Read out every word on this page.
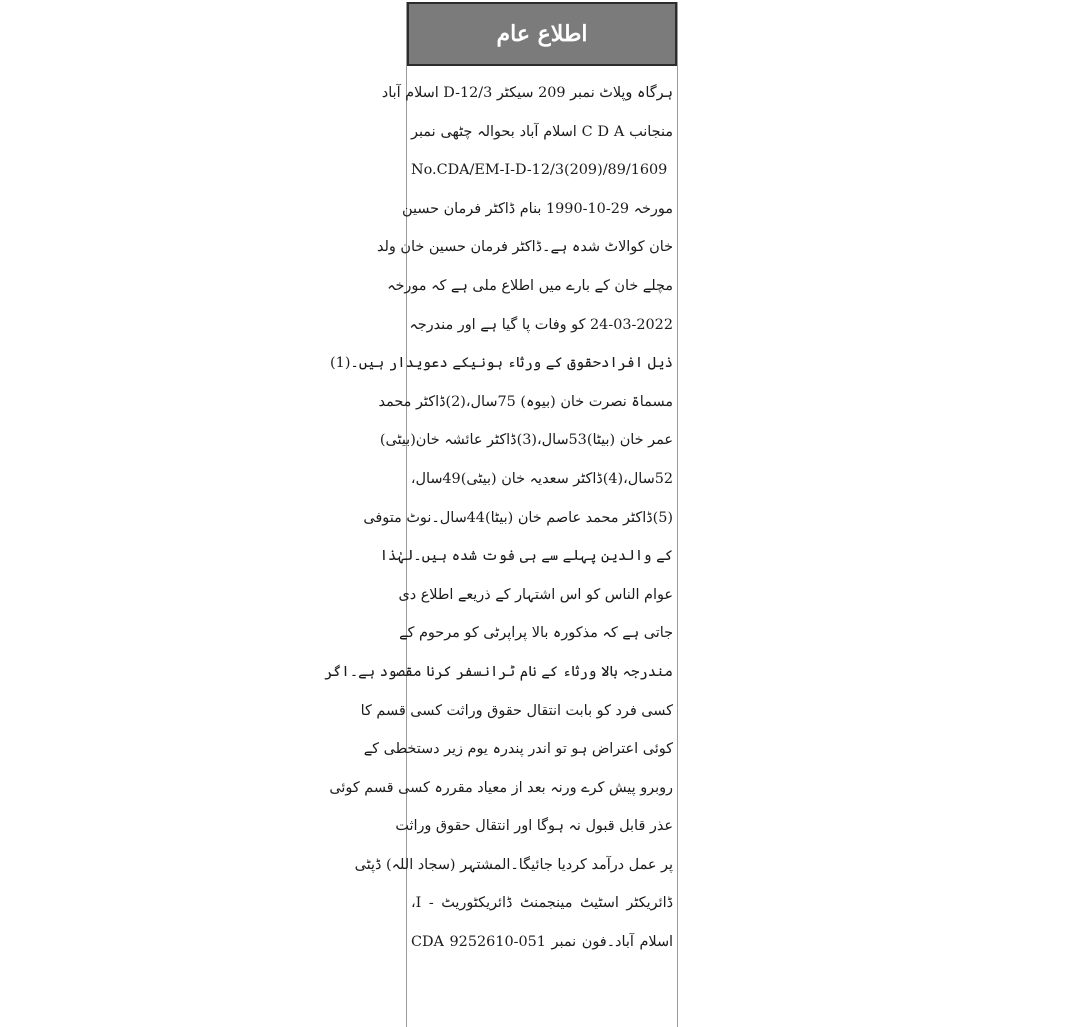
اطلاع عام
ہرگاہ وپلاٹ نمبر 209 سیکٹر D-12/3 اسلام آباد
منجانب C D A اسلام آباد بحوالہ چٹھی نمبر
No.CDA/EM-I-D-12/3(209)/89/1609
مورخہ 29-10-1990 بنام ڈاکٹر فرمان حسین
خان کوالاٹ شدہ ہے۔ڈاکٹر فرمان حسین خان ولد
مچلے خان کے بارے میں اطلاع ملی ہے کہ مورخہ
24-03-2022 کو وفات پا گیا ہے اور مندرجہ
ذیل افرادحقوق کے ورثاء ہونیکے دعویدار ہیں۔(1)
مسماۃ نصرت خان (بیوہ) 75سال،(2)ڈاکٹر محمد
عمر خان (بیٹا)53سال،(3)ڈاکٹر عائشہ خان(بیٹی)
52سال،(4)ڈاکٹر سعدیہ خان (بیٹی)49سال،
(5)ڈاکٹر محمد عاصم خان (بیٹا)44سال۔نوٹ متوفی
کے والدین پہلے سے ہی فوت شدہ ہیں۔لہٰذا
عوام الناس کو اس اشتہار کے ذریعے اطلاع دی
جاتی ہے کہ مذکورہ بالا پراپرٹی کو مرحوم کے
مندرجہ بالا ورثاء کے نام ٹرانسفر کرنا مقصود ہے۔اگر
کسی فرد کو بابت انتقال حقوق وراثت کسی قسم کا
کوئی اعتراض ہو تو اندر پندرہ یوم زیر دستخطی کے
روبرو پیش کرے ورنہ بعد از معیاد مقررہ کسی قسم کوئی
عذر قابل قبول نہ ہوگا اور انتقال حقوق وراثت
پر عمل درآمد کردیا جائیگا۔المشتہر (سجاد اللہ) ڈپٹی
ڈائریکٹر اسٹیٹ مینجمنٹ ڈائریکٹوریٹ - I،
CDA اسلام آباد۔فون نمبر 051-9252610
